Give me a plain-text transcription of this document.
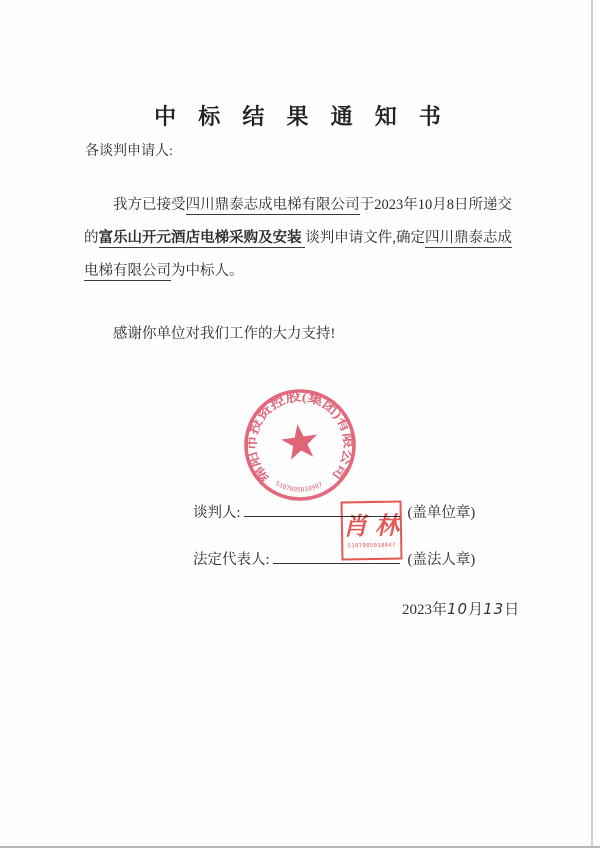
中 标 结 果 通 知 书
各谈判申请人:

我方已接受四川鼎泰志成电梯有限公司于2023年10月8日所递交的富乐山开元酒店电梯采购及安装 谈判申请文件,确定四川鼎泰志成电梯有限公司为中标人。

感谢你单位对我们工作的大力支持!

绵阳市投资控股(集团)有限公司
5107005018987
谈判人:	(盖单位章)
法定代表人:	(盖法人章)
肖 林
5107005018847
2023年10月13日
